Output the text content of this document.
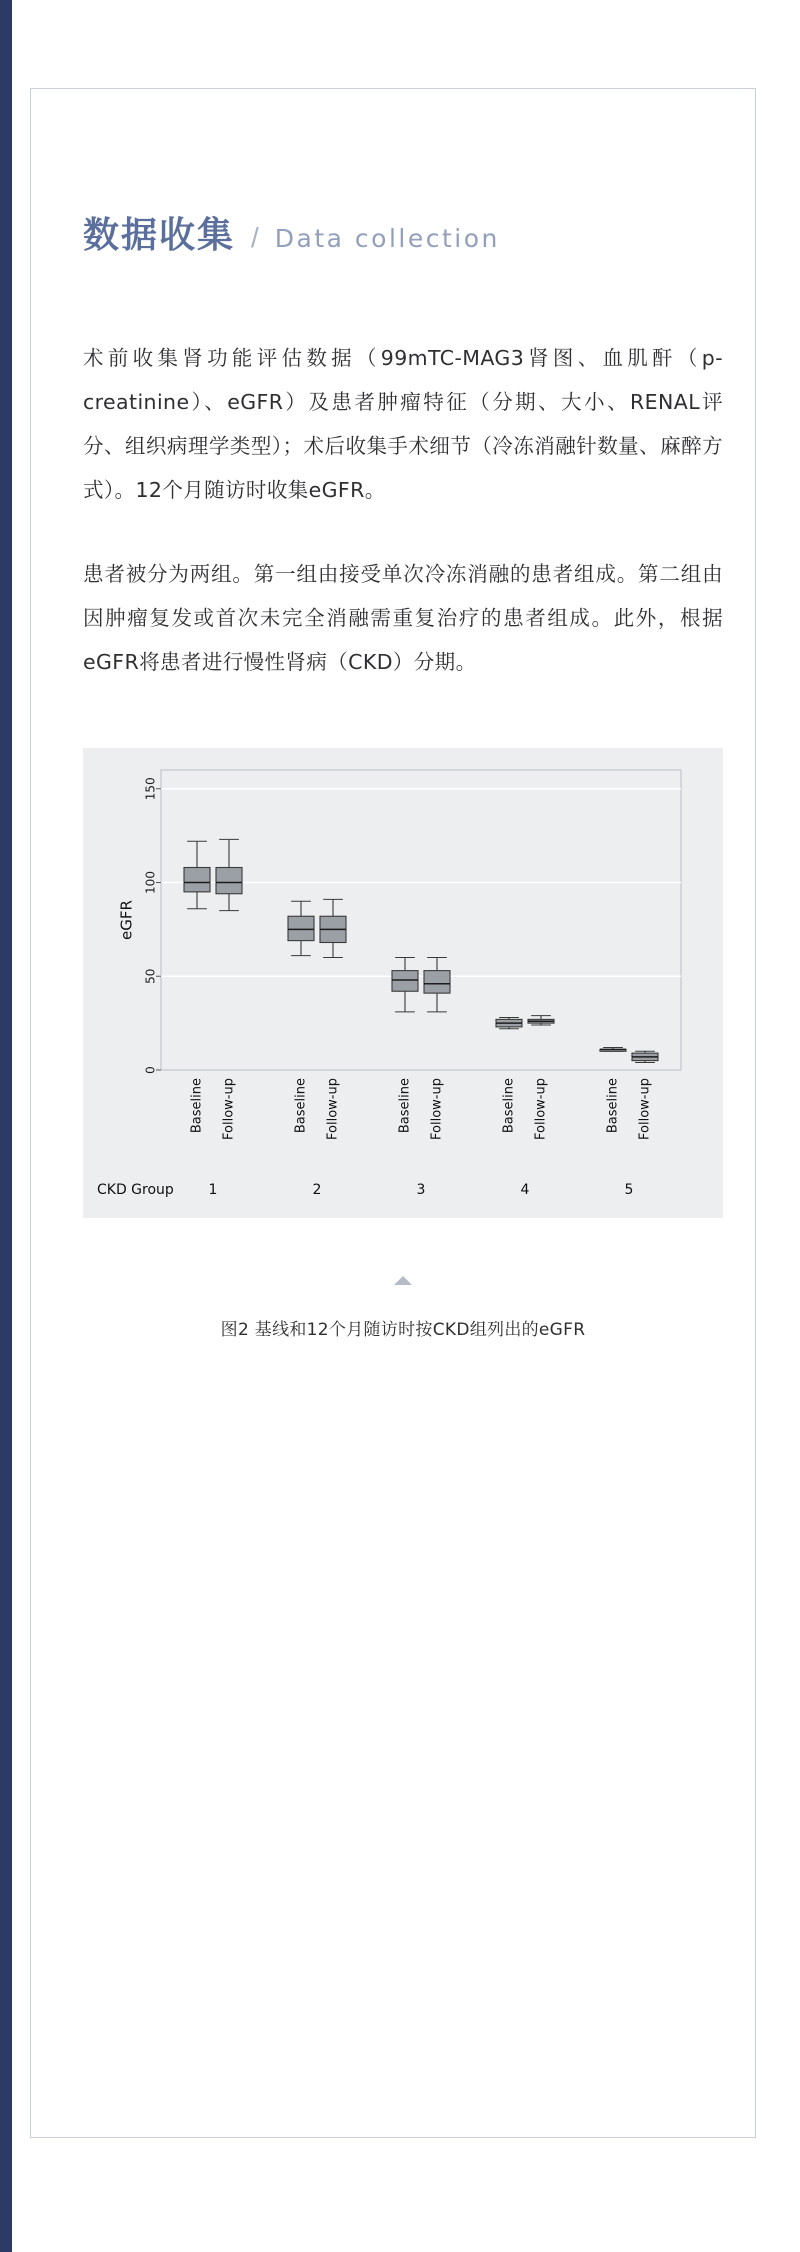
数据收集 / Data collection

术前收集肾功能评估数据（99mTC-MAG3肾图、血肌酐（p-creatinine）、eGFR）及患者肿瘤特征（分期、大小、RENAL评分、组织病理学类型）；术后收集手术细节（冷冻消融针数量、麻醉方式）。12个月随访时收集eGFR。

患者被分为两组。第一组由接受单次冷冻消融的患者组成。第二组由因肿瘤复发或首次未完全消融需重复治疗的患者组成。此外，根据eGFR将患者进行慢性肾病（CKD）分期。

0
50
100
150
eGFR
Baseline Follow-up	Baseline Follow-up	Baseline Follow-up	Baseline Follow-up	Baseline Follow-up
1	2	3	4	5
CKD Group
图2 基线和12个月随访时按CKD组列出的eGFR
